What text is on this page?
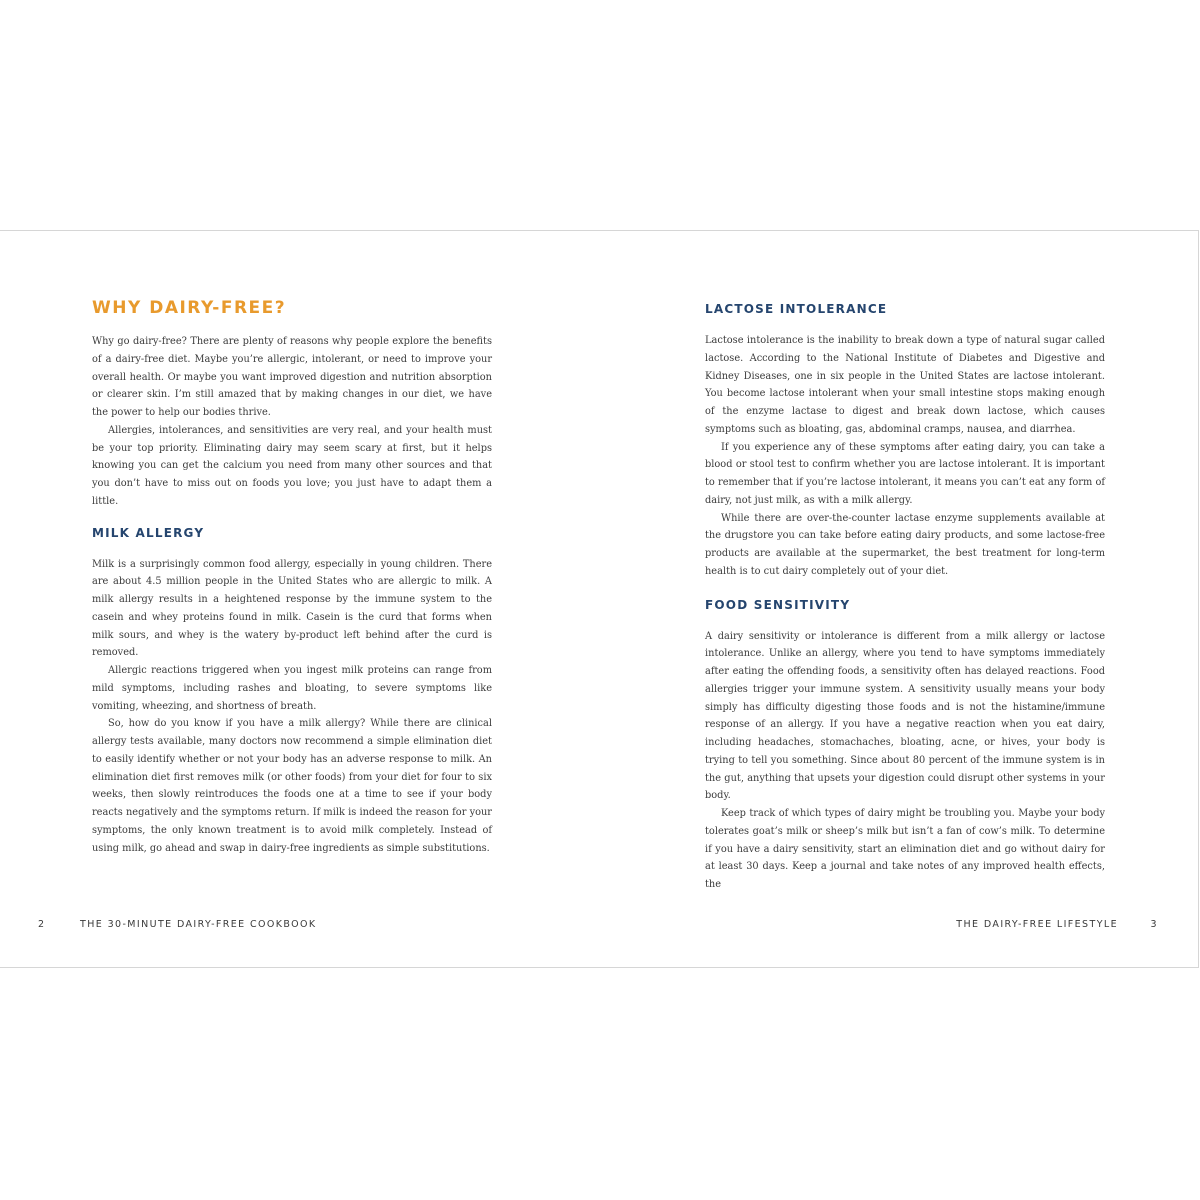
WHY DAIRY-FREE?

Why go dairy-free? There are plenty of reasons why people explore the benefits of a dairy-free diet. Maybe you’re allergic, intolerant, or need to improve your overall health. Or maybe you want improved digestion and nutrition absorption or clearer skin. I’m still amazed that by making changes in our diet, we have the power to help our bodies thrive.

Allergies, intolerances, and sensitivities are very real, and your health must be your top priority. Eliminating dairy may seem scary at first, but it helps knowing you can get the calcium you need from many other sources and that you don’t have to miss out on foods you love; you just have to adapt them a little.

MILK ALLERGY

Milk is a surprisingly common food allergy, especially in young children. There are about 4.5 million people in the United States who are allergic to milk. A milk allergy results in a heightened response by the immune system to the casein and whey proteins found in milk. Casein is the curd that forms when milk sours, and whey is the watery by-product left behind after the curd is removed.

Allergic reactions triggered when you ingest milk proteins can range from mild symptoms, including rashes and bloating, to severe symptoms like vomiting, wheezing, and shortness of breath.

So, how do you know if you have a milk allergy? While there are clinical allergy tests available, many doctors now recommend a simple elimination diet to easily identify whether or not your body has an adverse response to milk. An elimination diet first removes milk (or other foods) from your diet for four to six weeks, then slowly reintroduces the foods one at a time to see if your body reacts negatively and the symptoms return. If milk is indeed the reason for your symptoms, the only known treatment is to avoid milk completely. Instead of using milk, go ahead and swap in dairy-free ingredients as simple substitutions.

LACTOSE INTOLERANCE

Lactose intolerance is the inability to break down a type of natural sugar called lactose. According to the National Institute of Diabetes and Digestive and Kidney Diseases, one in six people in the United States are lactose intolerant. You become lactose intolerant when your small intestine stops making enough of the enzyme lactase to digest and break down lactose, which causes symptoms such as bloating, gas, abdominal cramps, nausea, and diarrhea.

If you experience any of these symptoms after eating dairy, you can take a blood or stool test to confirm whether you are lactose intolerant. It is important to remember that if you’re lactose intolerant, it means you can’t eat any form of dairy, not just milk, as with a milk allergy.

While there are over-the-counter lactase enzyme supplements available at the drugstore you can take before eating dairy products, and some lactose-free products are available at the supermarket, the best treatment for long-term health is to cut dairy completely out of your diet.

FOOD SENSITIVITY

A dairy sensitivity or intolerance is different from a milk allergy or lactose intolerance. Unlike an allergy, where you tend to have symptoms immediately after eating the offending foods, a sensitivity often has delayed reactions. Food allergies trigger your immune system. A sensitivity usually means your body simply has difficulty digesting those foods and is not the histamine/immune response of an allergy. If you have a negative reaction when you eat dairy, including headaches, stomachaches, bloating, acne, or hives, your body is trying to tell you something. Since about 80 percent of the immune system is in the gut, anything that upsets your digestion could disrupt other systems in your body.

Keep track of which types of dairy might be troubling you. Maybe your body tolerates goat’s milk or sheep’s milk but isn’t a fan of cow’s milk. To determine if you have a dairy sensitivity, start an elimination diet and go without dairy for at least 30 days. Keep a journal and take notes of any improved health effects, the

2	THE 30-MINUTE DAIRY-FREE COOKBOOK	THE DAIRY-FREE LIFESTYLE	3
